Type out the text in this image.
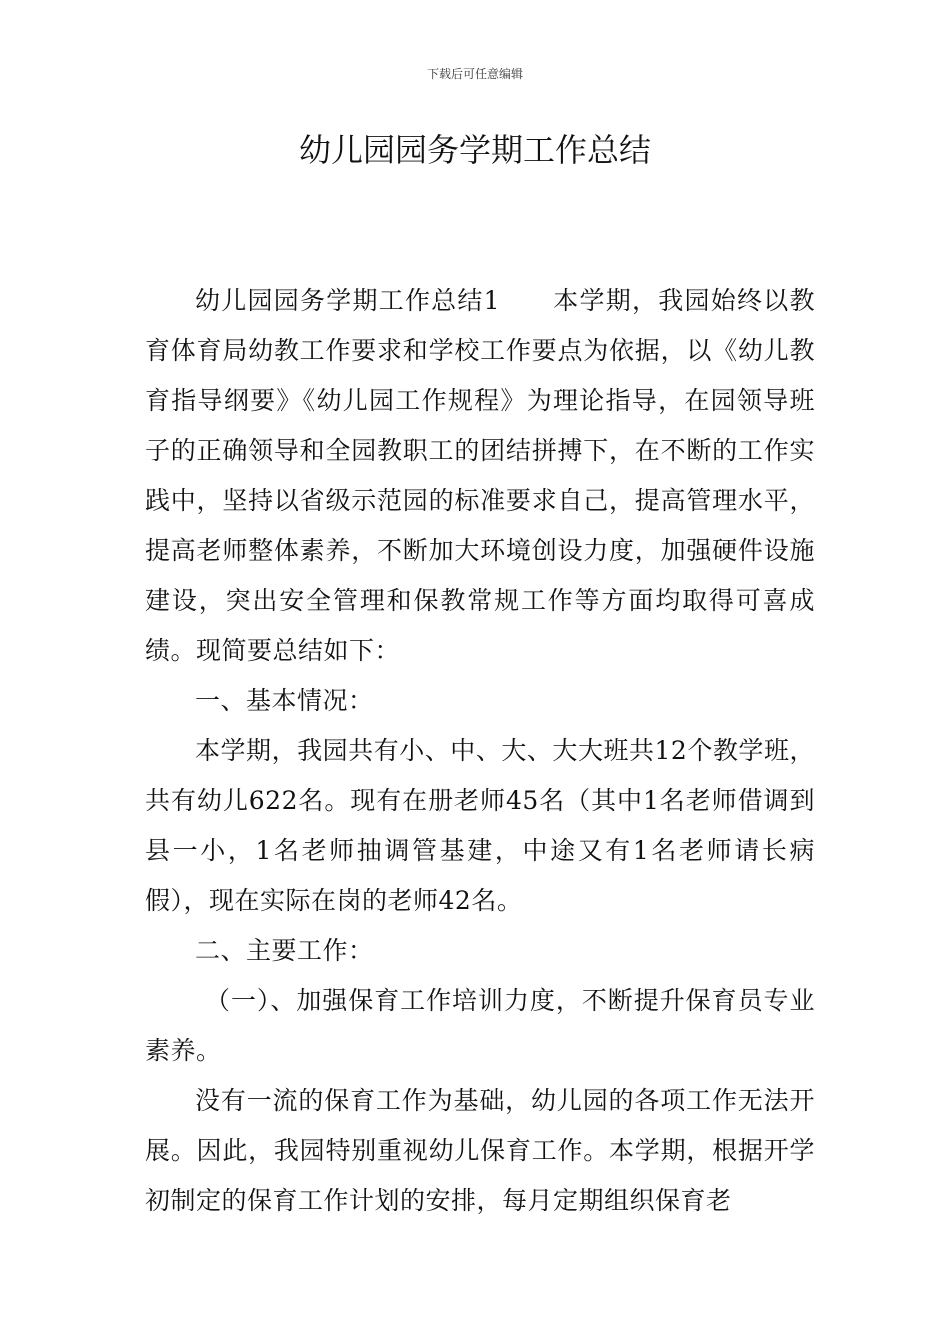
下载后可任意编辑
幼儿园园务学期工作总结

幼儿园园务学期工作总结1　　本学期，我园始终以教育体育局幼教工作要求和学校工作要点为依据，以《幼儿教育指导纲要》《幼儿园工作规程》为理论指导，在园领导班子的正确领导和全园教职工的团结拼搏下，在不断的工作实践中，坚持以省级示范园的标准要求自己，提高管理水平，提高老师整体素养，不断加大环境创设力度，加强硬件设施建设，突出安全管理和保教常规工作等方面均取得可喜成绩。现简要总结如下：

一、基本情况：

本学期，我园共有小、中、大、大大班共12个教学班，共有幼儿622名。现有在册老师45名（其中1名老师借调到县一小，1名老师抽调管基建，中途又有1名老师请长病假），现在实际在岗的老师42名。

二、主要工作：

（一）、加强保育工作培训力度，不断提升保育员专业素养。

没有一流的保育工作为基础，幼儿园的各项工作无法开展。因此，我园特别重视幼儿保育工作。本学期，根据开学初制定的保育工作计划的安排，每月定期组织保育老
